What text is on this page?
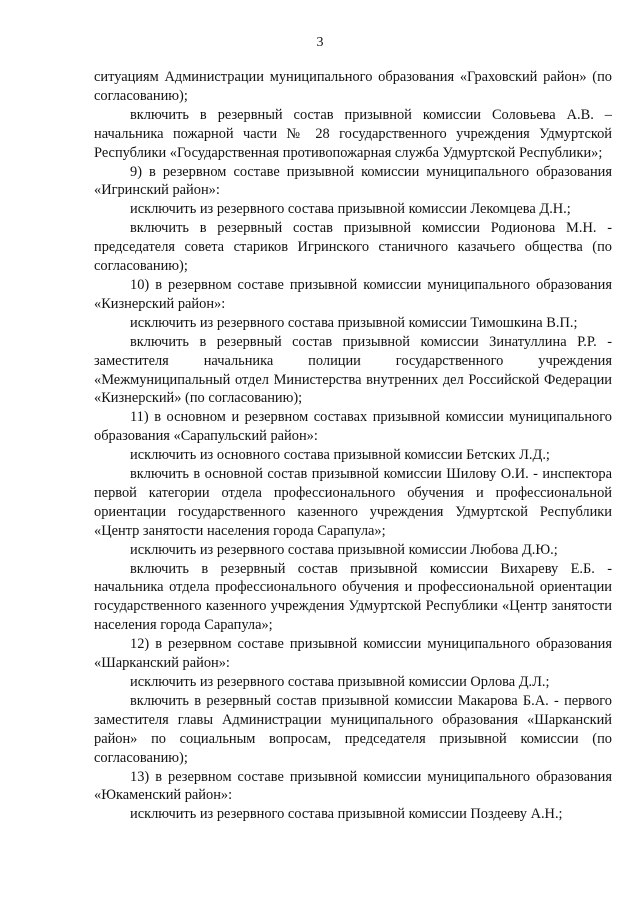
3

ситуациям Администрации муниципального образования «Граховский район» (по согласованию);

включить в резервный состав призывной комиссии Соловьева А.В. – начальника пожарной части № 28 государственного учреждения Удмуртской Республики «Государственная противопожарная служба Удмуртской Республики»;

9) в резервном составе призывной комиссии муниципального образования «Игринский район»:

исключить из резервного состава призывной комиссии Лекомцева Д.Н.;

включить в резервный состав призывной комиссии Родионова М.Н. - председателя совета стариков Игринского станичного казачьего общества (по согласованию);

10) в резервном составе призывной комиссии муниципального образования «Кизнерский район»:

исключить из резервного состава призывной комиссии Тимошкина В.П.;

включить в резервный состав призывной комиссии Зинатуллина Р.Р. - заместителя начальника полиции государственного учреждения «Межмуниципальный отдел Министерства внутренних дел Российской Федерации «Кизнерский» (по согласованию);

11) в основном и резервном составах призывной комиссии муниципального образования «Сарапульский район»:

исключить из основного состава призывной комиссии Бетских Л.Д.;

включить в основной состав призывной комиссии Шилову О.И. - инспектора первой категории отдела профессионального обучения и профессиональной ориентации государственного казенного учреждения Удмуртской Республики «Центр занятости населения города Сарапула»;

исключить из резервного состава призывной комиссии Любова Д.Ю.;

включить в резервный состав призывной комиссии Вихареву Е.Б. - начальника отдела профессионального обучения и профессиональной ориентации государственного казенного учреждения Удмуртской Республики «Центр занятости населения города Сарапула»;

12) в резервном составе призывной комиссии муниципального образования «Шарканский район»:

исключить из резервного состава призывной комиссии Орлова Д.Л.;

включить в резервный состав призывной комиссии Макарова Б.А. - первого заместителя главы Администрации муниципального образования «Шарканский район» по социальным вопросам, председателя призывной комиссии (по согласованию);

13) в резервном составе призывной комиссии муниципального образования «Юкаменский район»:

исключить из резервного состава призывной комиссии Поздееву А.Н.;
